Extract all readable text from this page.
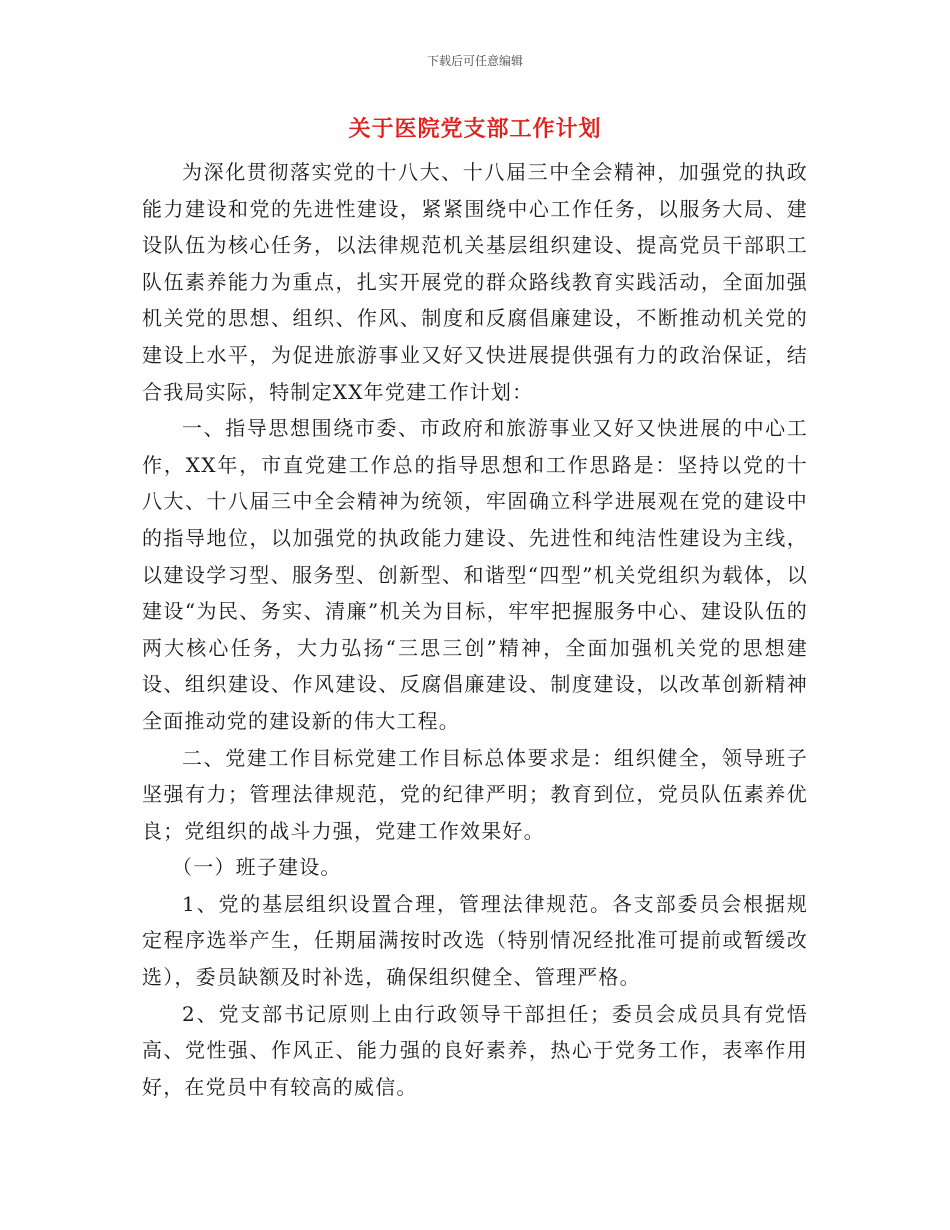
下载后可任意编辑
关于医院党支部工作计划

为深化贯彻落实党的十八大、十八届三中全会精神，加强党的执政能力建设和党的先进性建设，紧紧围绕中心工作任务，以服务大局、建设队伍为核心任务，以法律规范机关基层组织建设、提高党员干部职工队伍素养能力为重点，扎实开展党的群众路线教育实践活动，全面加强机关党的思想、组织、作风、制度和反腐倡廉建设，不断推动机关党的建设上水平，为促进旅游事业又好又快进展提供强有力的政治保证，结合我局实际，特制定XX年党建工作计划：

一、指导思想围绕市委、市政府和旅游事业又好又快进展的中心工作，XX年，市直党建工作总的指导思想和工作思路是：坚持以党的十八大、十八届三中全会精神为统领，牢固确立科学进展观在党的建设中的指导地位，以加强党的执政能力建设、先进性和纯洁性建设为主线，以建设学习型、服务型、创新型、和谐型“四型”机关党组织为载体，以建设“为民、务实、清廉”机关为目标，牢牢把握服务中心、建设队伍的两大核心任务，大力弘扬“三思三创”精神，全面加强机关党的思想建设、组织建设、作风建设、反腐倡廉建设、制度建设，以改革创新精神全面推动党的建设新的伟大工程。

二、党建工作目标党建工作目标总体要求是：组织健全，领导班子坚强有力；管理法律规范，党的纪律严明；教育到位，党员队伍素养优良；党组织的战斗力强，党建工作效果好。

（一）班子建设。

1、党的基层组织设置合理，管理法律规范。各支部委员会根据规定程序选举产生，任期届满按时改选（特别情况经批准可提前或暂缓改选），委员缺额及时补选，确保组织健全、管理严格。

2、党支部书记原则上由行政领导干部担任；委员会成员具有党悟高、党性强、作风正、能力强的良好素养，热心于党务工作，表率作用好，在党员中有较高的威信。
